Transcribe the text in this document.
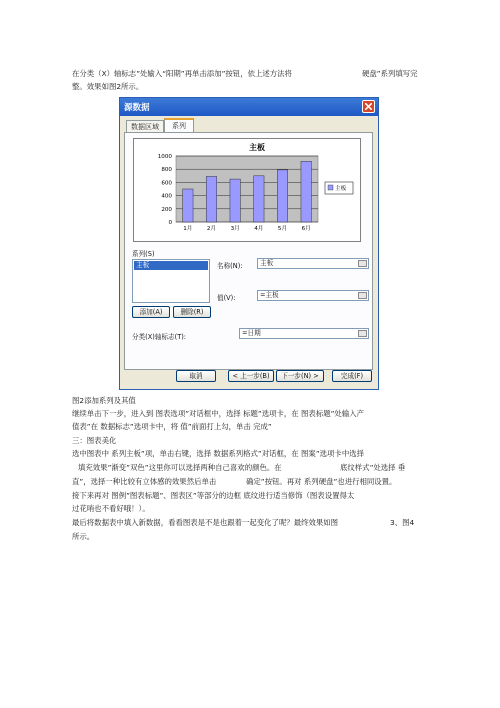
在分类（X）轴标志”处输入“阳期”再单击添加”按钮，依上述方法将	硬盘”系列填写完
整。效果如图2所示。
源数据
数据区域	系列
主板
0
200
400
600
800
1000
1月	2月	3月	4月	5月	6月
主板
系列(S)
主板	名称(N):	主板
值(V):	=主板
添加(A)	删除(R)
分类(X)轴标志(T):	=日期
取消	< 上一步(B)	下一步(N) >	完成(F)
图2添加系列及其值
继续单击下一步，进入到 图表选项”对话框中，选择 标题”选项卡，在 图表标题”处输入产
值表”在 数据标志”选项卡中，将 值”前面打上勾，单击 完成”
三：图表美化
选中图表中 系列主板”项，单击右键，选择 数据系列格式”对话框，在 图案”选项卡中选择
填充效果”渐变”双色”这里你可以选择两种自己喜欢的颜色。在	底纹样式”处选择 垂
直”，选择一种比较有立体感的效果然后单击	确定”按钮。再对 系列硬盘”也进行相同设置。
接下来再对 图例”图表标题”、图表区”等部分的边框 底纹进行适当修饰（图表设置得太
过花哨也不看好哦！）。
最后将数据表中填入新数据，看看图表是不是也跟着一起变化了呢？最终效果如图	3、图4
所示。
